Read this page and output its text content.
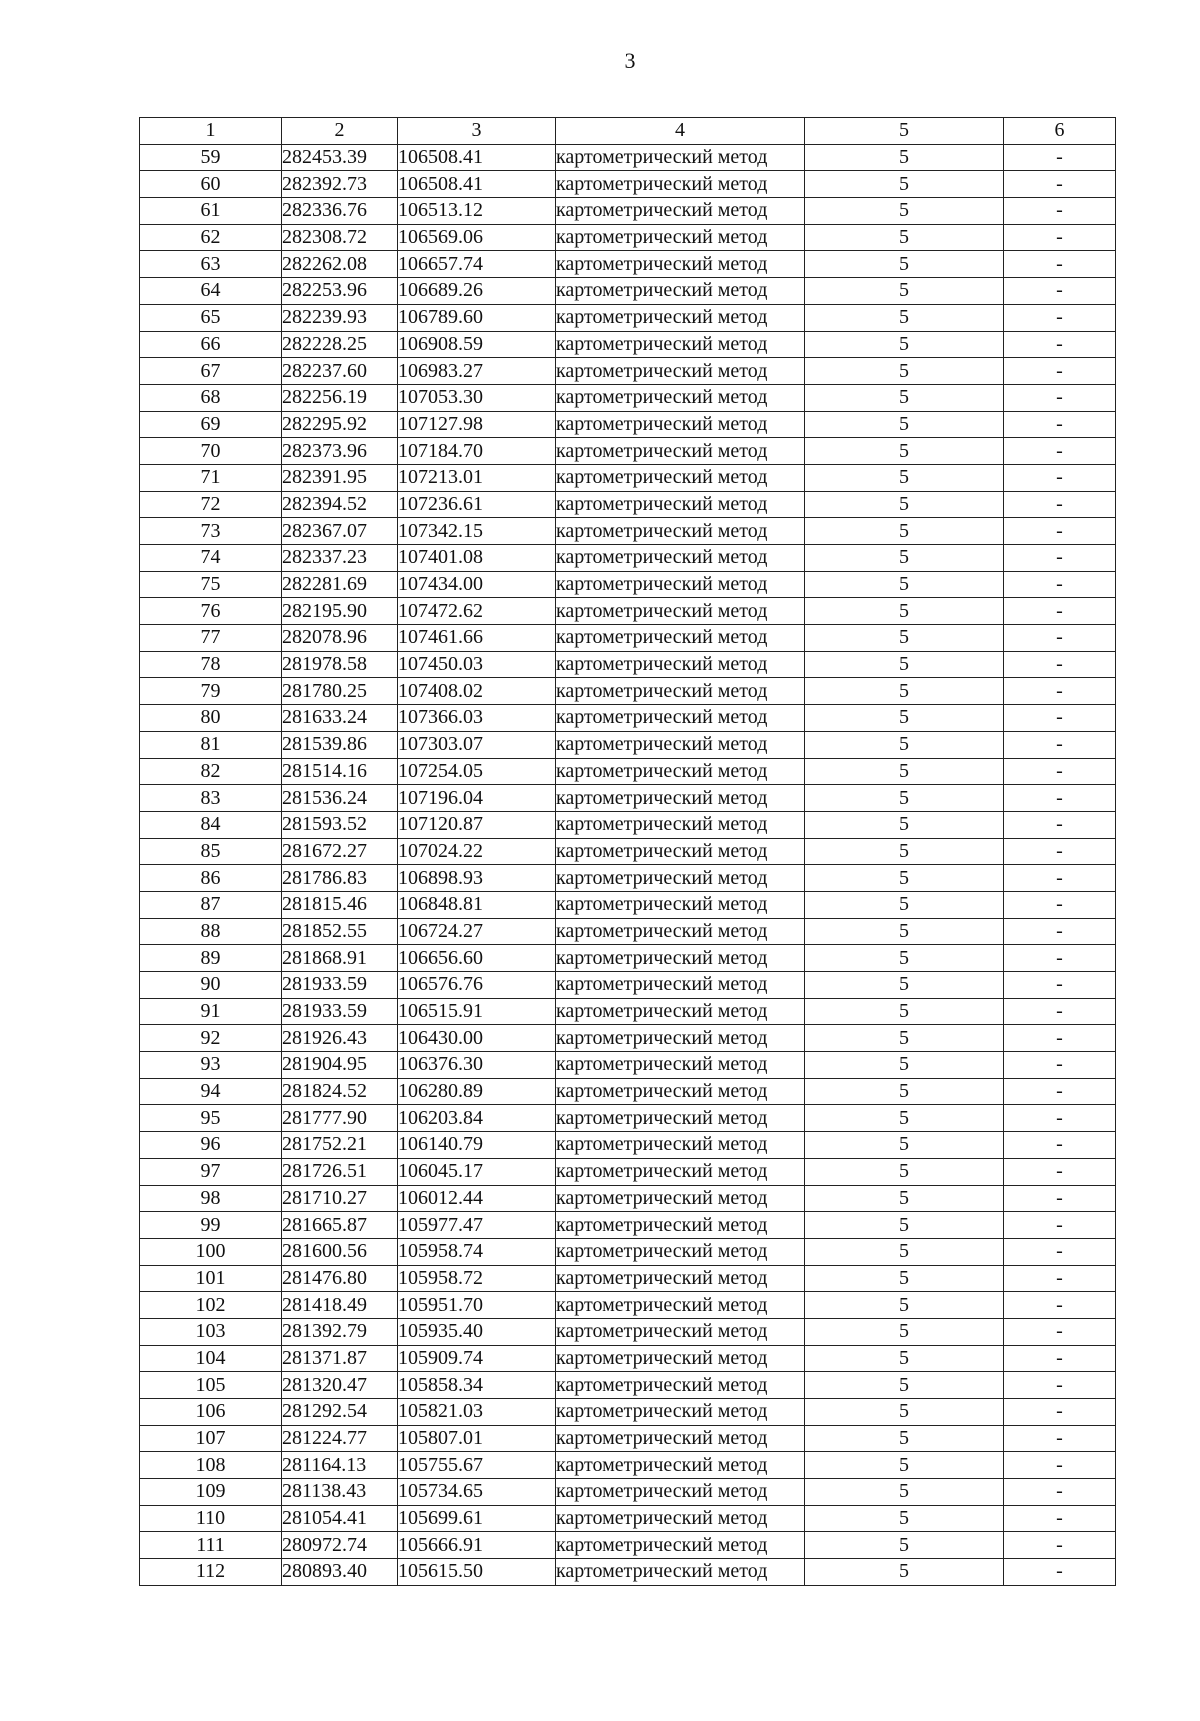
3
1	2	3	4	5	6
59	282453.39	106508.41	картометрический метод	5	-
60	282392.73	106508.41	картометрический метод	5	-
61	282336.76	106513.12	картометрический метод	5	-
62	282308.72	106569.06	картометрический метод	5	-
63	282262.08	106657.74	картометрический метод	5	-
64	282253.96	106689.26	картометрический метод	5	-
65	282239.93	106789.60	картометрический метод	5	-
66	282228.25	106908.59	картометрический метод	5	-
67	282237.60	106983.27	картометрический метод	5	-
68	282256.19	107053.30	картометрический метод	5	-
69	282295.92	107127.98	картометрический метод	5	-
70	282373.96	107184.70	картометрический метод	5	-
71	282391.95	107213.01	картометрический метод	5	-
72	282394.52	107236.61	картометрический метод	5	-
73	282367.07	107342.15	картометрический метод	5	-
74	282337.23	107401.08	картометрический метод	5	-
75	282281.69	107434.00	картометрический метод	5	-
76	282195.90	107472.62	картометрический метод	5	-
77	282078.96	107461.66	картометрический метод	5	-
78	281978.58	107450.03	картометрический метод	5	-
79	281780.25	107408.02	картометрический метод	5	-
80	281633.24	107366.03	картометрический метод	5	-
81	281539.86	107303.07	картометрический метод	5	-
82	281514.16	107254.05	картометрический метод	5	-
83	281536.24	107196.04	картометрический метод	5	-
84	281593.52	107120.87	картометрический метод	5	-
85	281672.27	107024.22	картометрический метод	5	-
86	281786.83	106898.93	картометрический метод	5	-
87	281815.46	106848.81	картометрический метод	5	-
88	281852.55	106724.27	картометрический метод	5	-
89	281868.91	106656.60	картометрический метод	5	-
90	281933.59	106576.76	картометрический метод	5	-
91	281933.59	106515.91	картометрический метод	5	-
92	281926.43	106430.00	картометрический метод	5	-
93	281904.95	106376.30	картометрический метод	5	-
94	281824.52	106280.89	картометрический метод	5	-
95	281777.90	106203.84	картометрический метод	5	-
96	281752.21	106140.79	картометрический метод	5	-
97	281726.51	106045.17	картометрический метод	5	-
98	281710.27	106012.44	картометрический метод	5	-
99	281665.87	105977.47	картометрический метод	5	-
100	281600.56	105958.74	картометрический метод	5	-
101	281476.80	105958.72	картометрический метод	5	-
102	281418.49	105951.70	картометрический метод	5	-
103	281392.79	105935.40	картометрический метод	5	-
104	281371.87	105909.74	картометрический метод	5	-
105	281320.47	105858.34	картометрический метод	5	-
106	281292.54	105821.03	картометрический метод	5	-
107	281224.77	105807.01	картометрический метод	5	-
108	281164.13	105755.67	картометрический метод	5	-
109	281138.43	105734.65	картометрический метод	5	-
110	281054.41	105699.61	картометрический метод	5	-
111	280972.74	105666.91	картометрический метод	5	-
112	280893.40	105615.50	картометрический метод	5	-
